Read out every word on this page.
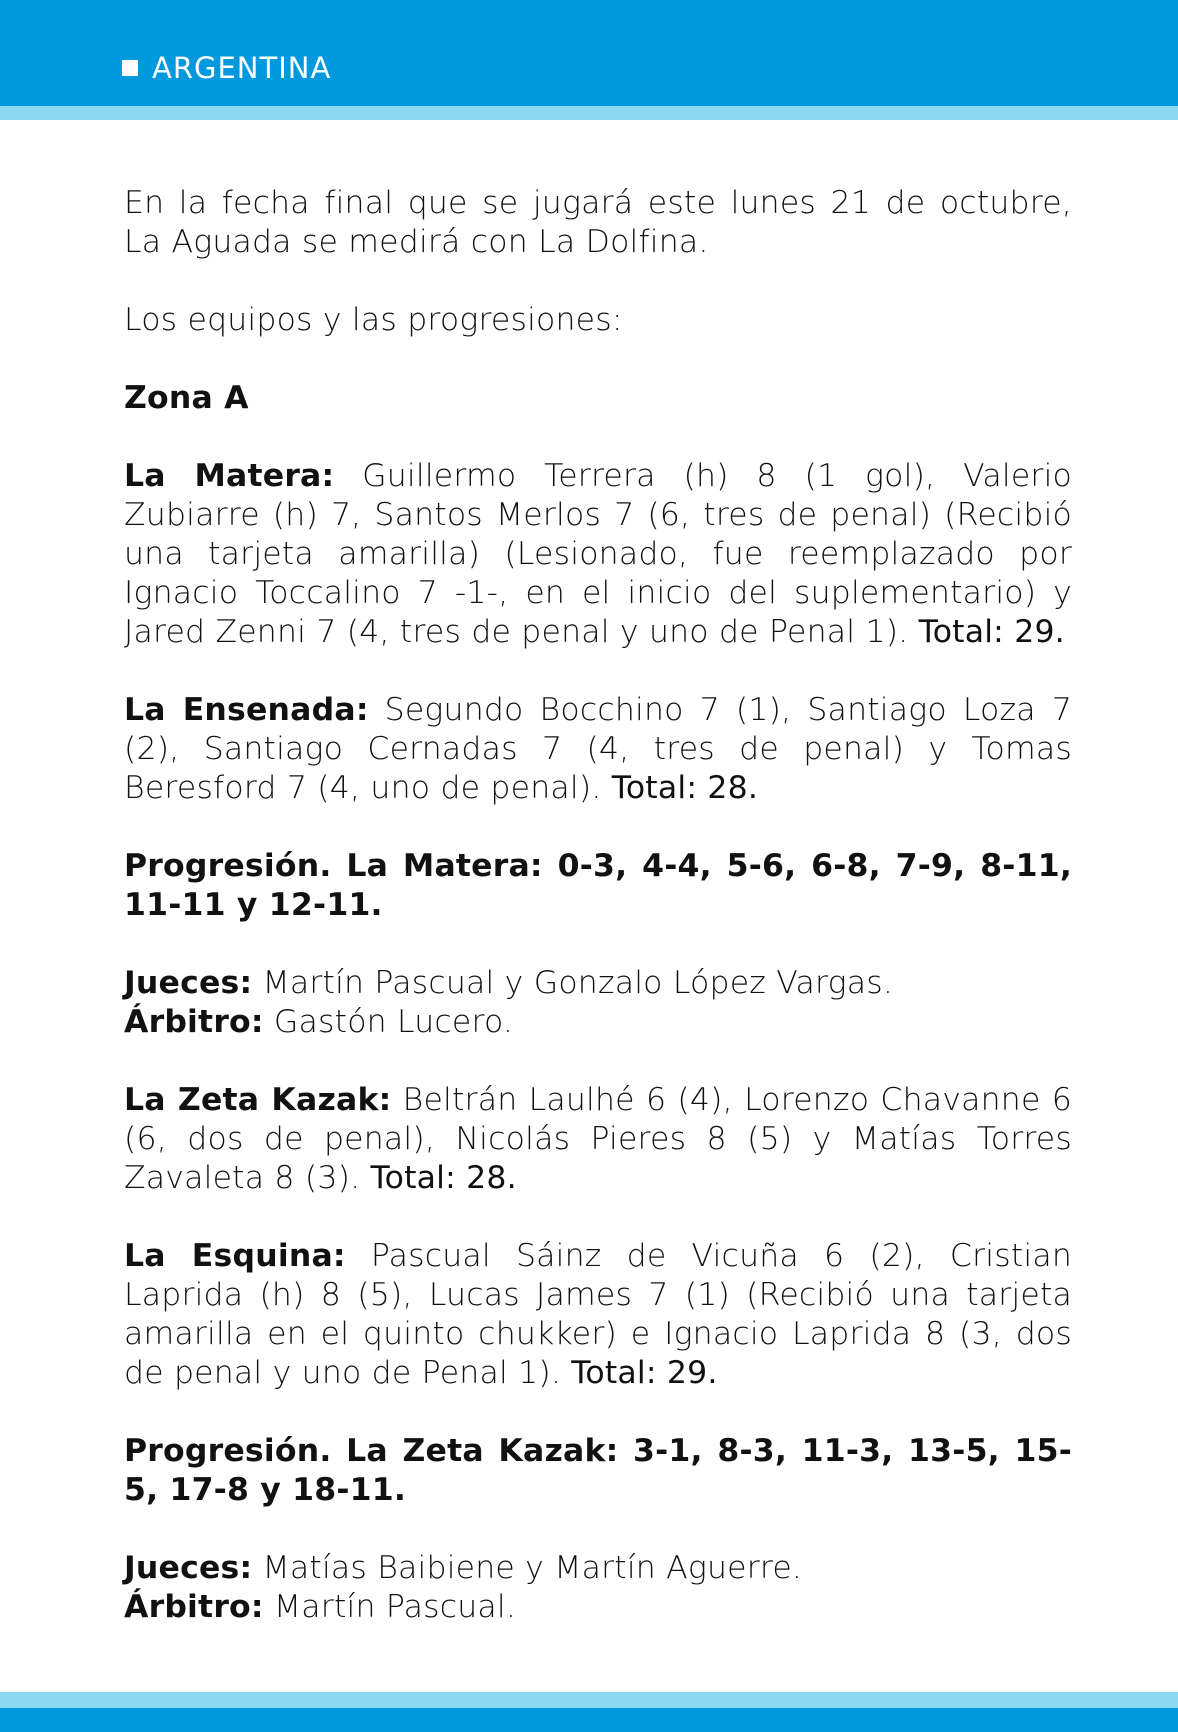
ARGENTINA

En la fecha final que se jugará este lunes 21 de octubre, La Aguada se medirá con La Dolfina.

Los equipos y las progresiones:

Zona A

La Matera: Guillermo Terrera (h) 8 (1 gol), Valerio Zubiarre (h) 7, Santos Merlos 7 (6, tres de penal) (Recibió una tarjeta amarilla) (Lesionado, fue reemplazado por Ignacio Toccalino 7 -1-, en el inicio del suplementario) y Jared Zenni 7 (4, tres de penal y uno de Penal 1). Total: 29.

La Ensenada: Segundo Bocchino 7 (1), Santiago Loza 7 (2), Santiago Cernadas 7 (4, tres de penal) y Tomas Beresford 7 (4, uno de penal). Total: 28.

Progresión. La Matera: 0-3, 4-4, 5-6, 6-8, 7-9, 8-11, 11-11 y 12-11.

Jueces: Martín Pascual y Gonzalo López Vargas.

Árbitro: Gastón Lucero.

La Zeta Kazak: Beltrán Laulhé 6 (4), Lorenzo Chavanne 6 (6, dos de penal), Nicolás Pieres 8 (5) y Matías Torres Zavaleta 8 (3). Total: 28.

La Esquina: Pascual Sáinz de Vicuña 6 (2), Cristian Laprida (h) 8 (5), Lucas James 7 (1) (Recibió una tarjeta amarilla en el quinto chukker) e Ignacio Laprida 8 (3, dos de penal y uno de Penal 1). Total: 29.

Progresión. La Zeta Kazak: 3-1, 8-3, 11-3, 13-5, 15-5, 17-8 y 18-11.

Jueces: Matías Baibiene y Martín Aguerre.

Árbitro: Martín Pascual.
